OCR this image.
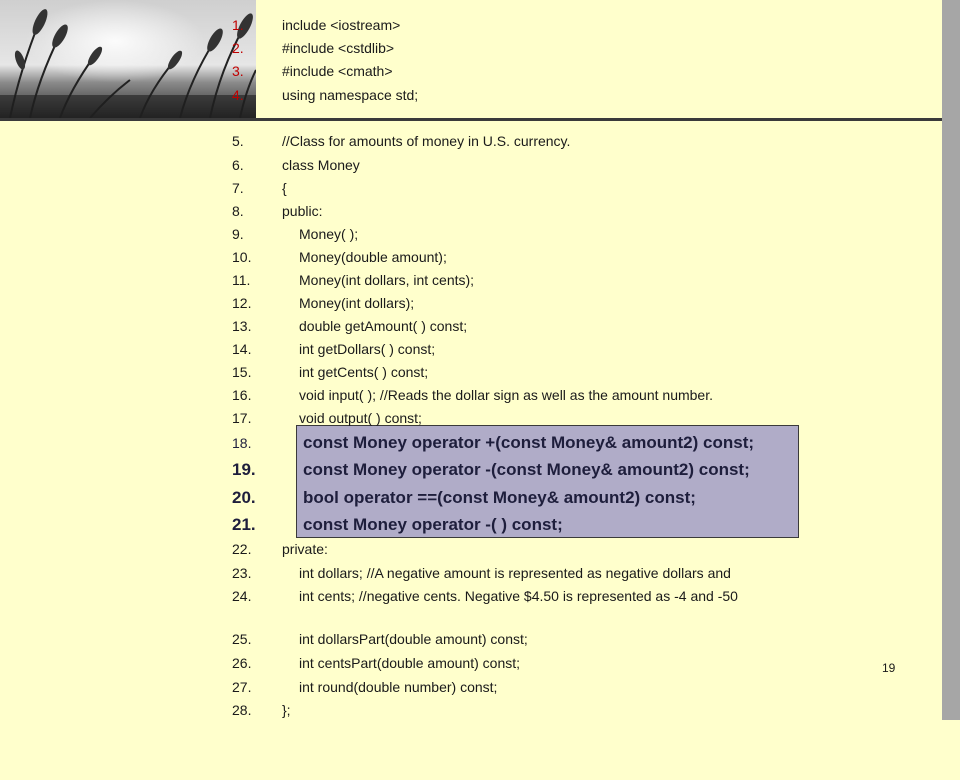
1.

	include <iostream>

2.

	#include <cstdlib>

3.

	#include <cmath>

4.

	using namespace std;

5.

	//Class for amounts of money in U.S. currency.

6.

	class Money

7.

	{

8.

	public:

9.

	Money( );

10.

	Money(double amount);

11.

	Money(int dollars, int cents);

12.

	Money(int dollars);

13.

	double getAmount( ) const;

14.

	int getDollars( ) const;

15.

	int getCents( ) const;

16.

	void input( ); //Reads the dollar sign as well as the amount number.

17.

	void output( ) const;

18.

	const Money operator +(const Money& amount2) const;

19.

	const Money operator -(const Money& amount2) const;

20.

	bool operator ==(const Money& amount2) const;

21.

	const Money operator -( ) const;

22.

private:

23.

	int dollars; //A negative amount is represented as negative dollars and

24.

	int cents; //negative cents. Negative $4.50 is represented as -4 and -50

25.

	int dollarsPart(double amount) const;

26.

	int centsPart(double amount) const;

27.

	int round(double number) const;

28.

};

19
